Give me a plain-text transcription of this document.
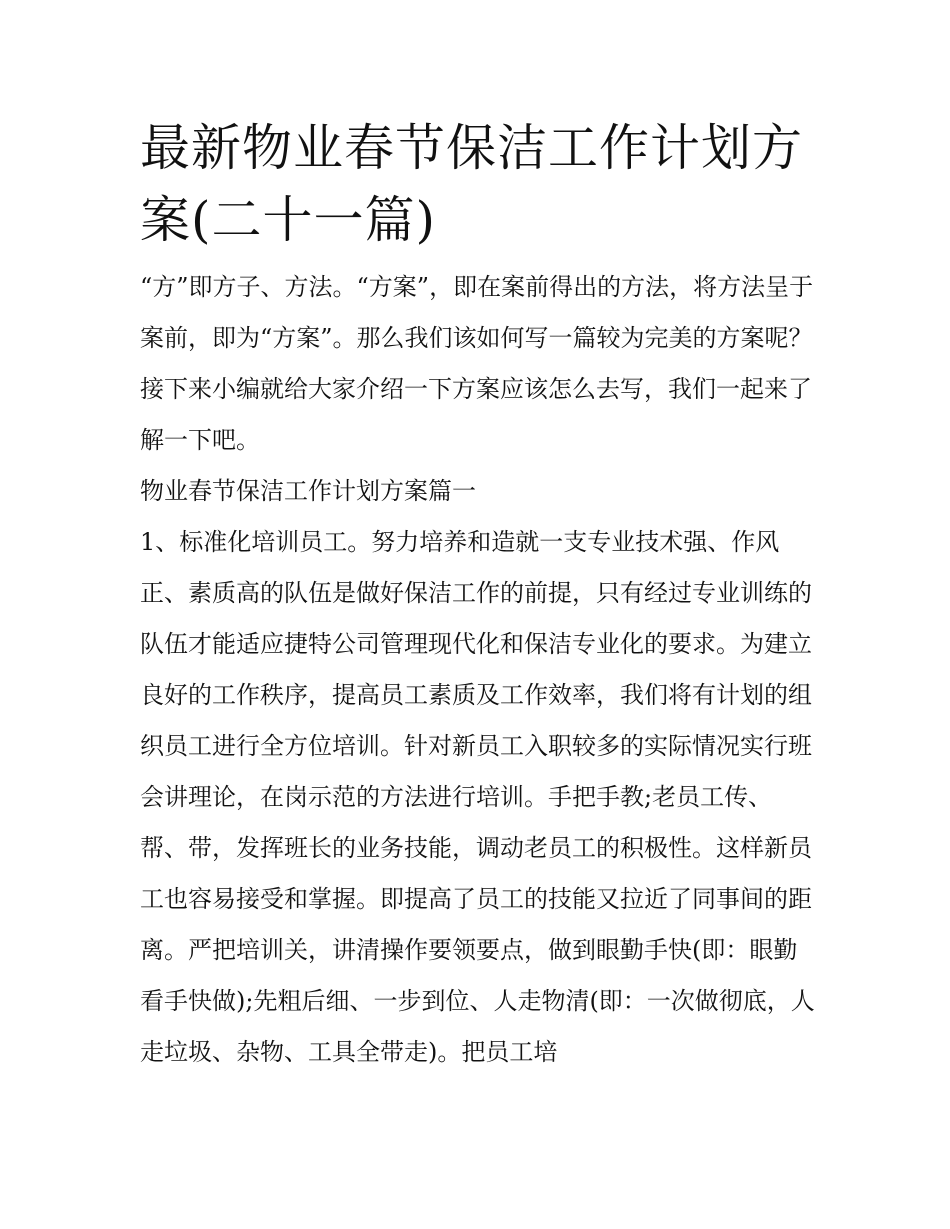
最新物业春节保洁工作计划方案(二十一篇)

“方”即方子、方法。“方案”，即在案前得出的方法，将方法呈于案前，即为“方案”。那么我们该如何写一篇较为完美的方案呢？接下来小编就给大家介绍一下方案应该怎么去写，我们一起来了解一下吧。

物业春节保洁工作计划方案篇一

1、标准化培训员工。努力培养和造就一支专业技术强、作风正、素质高的队伍是做好保洁工作的前提，只有经过专业训练的队伍才能适应捷特公司管理现代化和保洁专业化的要求。为建立良好的工作秩序，提高员工素质及工作效率，我们将有计划的组织员工进行全方位培训。针对新员工入职较多的实际情况实行班会讲理论，在岗示范的方法进行培训。手把手教;老员工传、帮、带，发挥班长的业务技能，调动老员工的积极性。这样新员工也容易接受和掌握。即提高了员工的技能又拉近了同事间的距离。严把培训关，讲清操作要领要点，做到眼勤手快(即：眼勤看手快做);先粗后细、一步到位、人走物清(即：一次做彻底，人走垃圾、杂物、工具全带走)。把员工培
